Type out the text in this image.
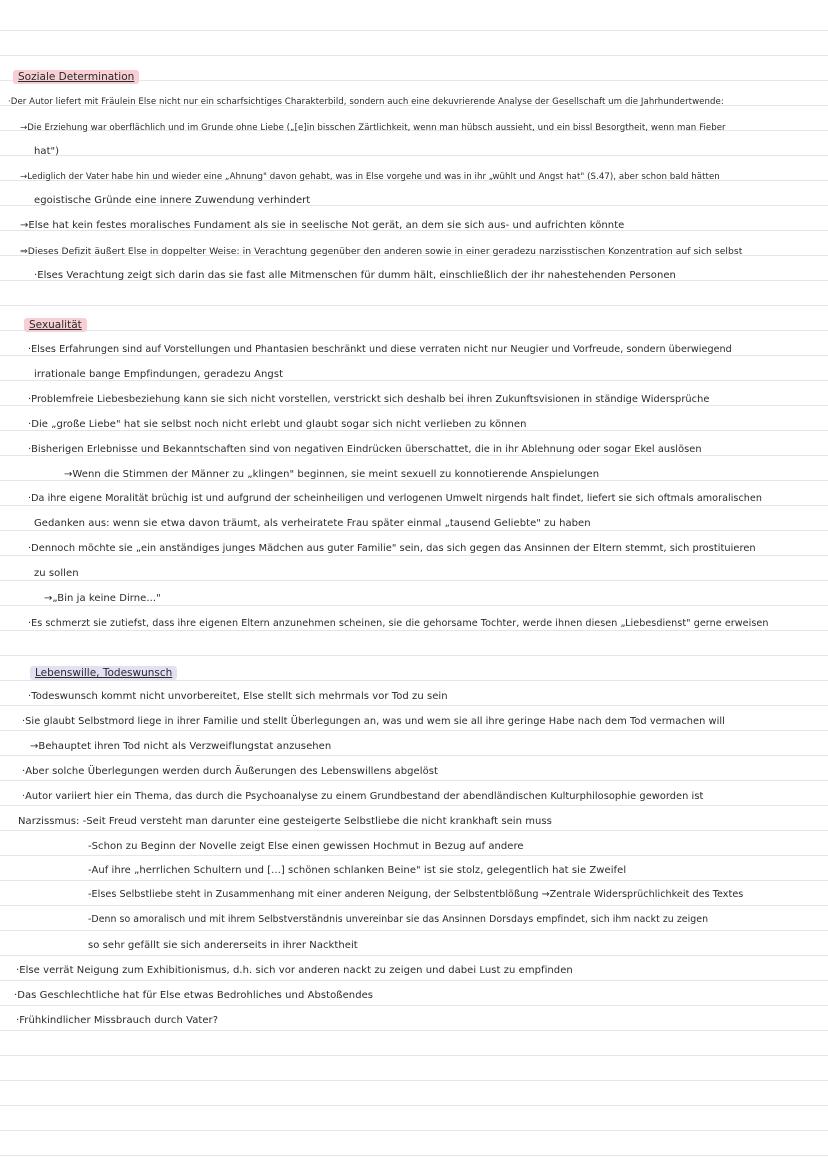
Soziale Determination
·Der Autor liefert mit Fräulein Else nicht nur ein scharfsichtiges Charakterbild, sondern auch eine dekuvrierende Analyse der Gesellschaft um die Jahrhundertwende:
→Die Erziehung war oberflächlich und im Grunde ohne Liebe („[e]in bisschen Zärtlichkeit, wenn man hübsch aussieht, und ein bissl Besorgtheit, wenn man Fieber
hat")
→Lediglich der Vater habe hin und wieder eine „Ahnung" davon gehabt, was in Else vorgehe und was in ihr „wühlt und Angst hat" (S.47), aber schon bald hätten
egoistische Gründe eine innere Zuwendung verhindert
→Else hat kein festes moralisches Fundament als sie in seelische Not gerät, an dem sie sich aus- und aufrichten könnte
⇒Dieses Defizit äußert Else in doppelter Weise: in Verachtung gegenüber den anderen sowie in einer geradezu narzisstischen Konzentration auf sich selbst
·Elses Verachtung zeigt sich darin das sie fast alle Mitmenschen für dumm hält, einschließlich der ihr nahestehenden Personen
Sexualität
·Elses Erfahrungen sind auf Vorstellungen und Phantasien beschränkt und diese verraten nicht nur Neugier und Vorfreude, sondern überwiegend
irrationale bange Empfindungen, geradezu Angst
·Problemfreie Liebesbeziehung kann sie sich nicht vorstellen, verstrickt sich deshalb bei ihren Zukunftsvisionen in ständige Widersprüche
·Die „große Liebe" hat sie selbst noch nicht erlebt und glaubt sogar sich nicht verlieben zu können
·Bisherigen Erlebnisse und Bekanntschaften sind von negativen Eindrücken überschattet, die in ihr Ablehnung oder sogar Ekel auslösen
→Wenn die Stimmen der Männer zu „klingen" beginnen, sie meint sexuell zu konnotierende Anspielungen
·Da ihre eigene Moralität brüchig ist und aufgrund der scheinheiligen und verlogenen Umwelt nirgends halt findet, liefert sie sich oftmals amoralischen
Gedanken aus: wenn sie etwa davon träumt, als verheiratete Frau später einmal „tausend Geliebte" zu haben
·Dennoch möchte sie „ein anständiges junges Mädchen aus guter Familie" sein, das sich gegen das Ansinnen der Eltern stemmt, sich prostituieren
zu sollen
→„Bin ja keine Dirne..."
·Es schmerzt sie zutiefst, dass ihre eigenen Eltern anzunehmen scheinen, sie die gehorsame Tochter, werde ihnen diesen „Liebesdienst" gerne erweisen
Lebenswille, Todeswunsch
·Todeswunsch kommt nicht unvorbereitet, Else stellt sich mehrmals vor Tod zu sein
·Sie glaubt Selbstmord liege in ihrer Familie und stellt Überlegungen an, was und wem sie all ihre geringe Habe nach dem Tod vermachen will
→Behauptet ihren Tod nicht als Verzweiflungstat anzusehen
·Aber solche Überlegungen werden durch Äußerungen des Lebenswillens abgelöst
·Autor variiert hier ein Thema, das durch die Psychoanalyse zu einem Grundbestand der abendländischen Kulturphilosophie geworden ist
Narzissmus: -Seit Freud versteht man darunter eine gesteigerte Selbstliebe die nicht krankhaft sein muss
-Schon zu Beginn der Novelle zeigt Else einen gewissen Hochmut in Bezug auf andere
-Auf ihre „herrlichen Schultern und [...] schönen schlanken Beine" ist sie stolz, gelegentlich hat sie Zweifel
-Elses Selbstliebe steht in Zusammenhang mit einer anderen Neigung, der Selbstentblößung →Zentrale Widersprüchlichkeit des Textes
-Denn so amoralisch und mit ihrem Selbstverständnis unvereinbar sie das Ansinnen Dorsdays empfindet, sich ihm nackt zu zeigen
so sehr gefällt sie sich andererseits in ihrer Nacktheit
·Else verrät Neigung zum Exhibitionismus, d.h. sich vor anderen nackt zu zeigen und dabei Lust zu empfinden
·Das Geschlechtliche hat für Else etwas Bedrohliches und Abstoßendes
·Frühkindlicher Missbrauch durch Vater?
